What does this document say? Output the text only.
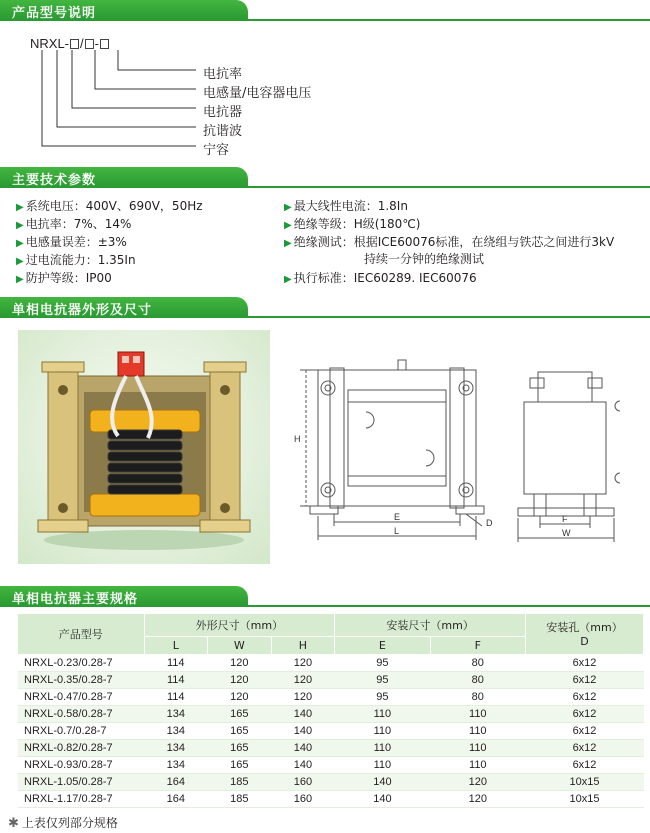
产品型号说明
NRXL- / -
电抗率
电感量/电容器电压
电抗器
抗谐波
宁容
主要技术参数
▶ 系统电压：400V、690V，50Hz
▶ 电抗率：7%、14%
▶ 电感量误差：±3%
▶ 过电流能力：1.35In
▶ 防护等级：IP00
▶ 最大线性电流：1.8In
▶ 绝缘等级：H级(180℃)
▶ 绝缘测试：根据ICE60076标准，在绕组与铁芯之间进行3kV
持续一分钟的绝缘测试
▶ 执行标准：IEC60289. IEC60076
单相电抗器外形及尺寸
H
E
L
D	F
W
单相电抗器主要规格
产品型号	外形尺寸（mm）			安装尺寸（mm）		安装孔（mm）
D

	L	W	H	E	F	
NRXL-0.23/0.28-7	114	120	120	95	80	6x12
NRXL-0.35/0.28-7	114	120	120	95	80	6x12
NRXL-0.47/0.28-7	114	120	120	95	80	6x12
NRXL-0.58/0.28-7	134	165	140	110	110	6x12
NRXL-0.7/0.28-7	134	165	140	110	110	6x12
NRXL-0.82/0.28-7	134	165	140	110	110	6x12
NRXL-0.93/0.28-7	134	165	140	110	110	6x12
NRXL-1.05/0.28-7	164	185	160	140	120	10x15
NRXL-1.17/0.28-7	164	185	160	140	120	10x15
✱ 上表仅列部分规格
